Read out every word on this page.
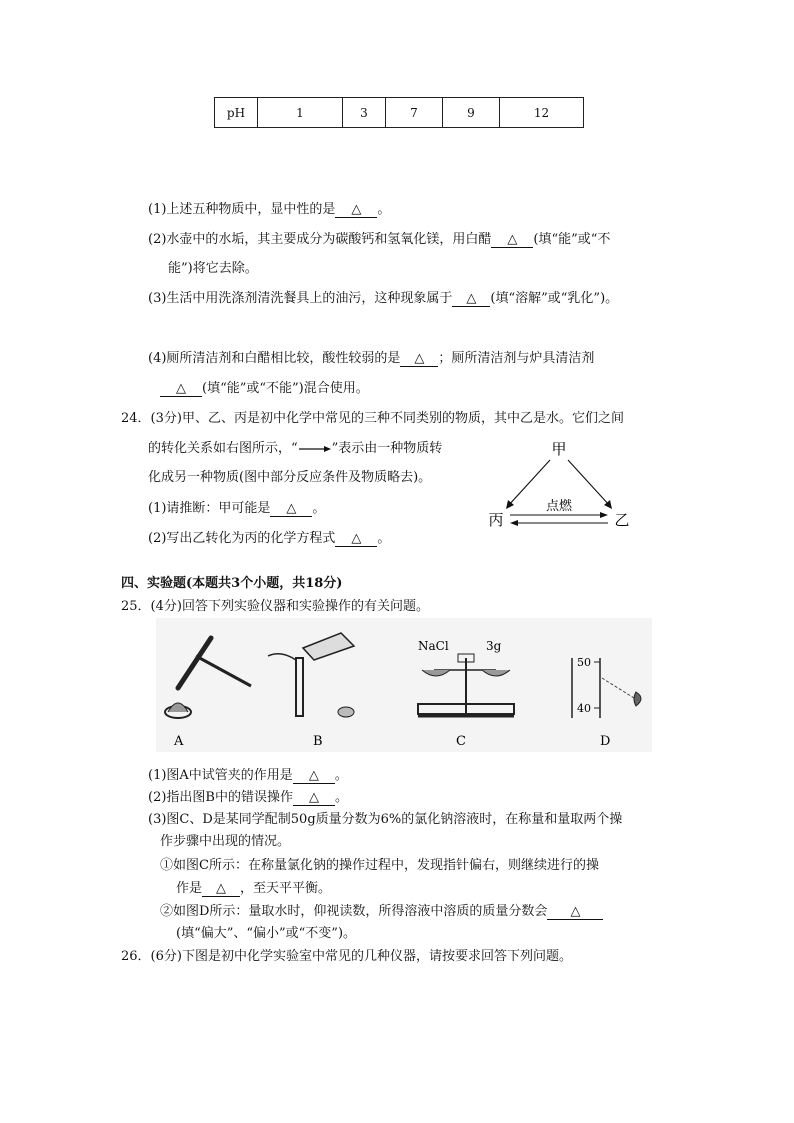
pH	1	3	7	9	12
(1)上述五种物质中，显中性的是 △ 。
(2)水壶中的水垢，其主要成分为碳酸钙和氢氧化镁，用白醋 △ (填“能”或“不
能”)将它去除。
(3)生活中用洗涤剂清洗餐具上的油污，这种现象属于 △ (填“溶解”或“乳化”)。
(4)厕所清洁剂和白醋相比较，酸性较弱的是 △ ；厕所清洁剂与炉具清洁剂
△ (填“能”或“不能”)混合使用。
24．(3分)甲、乙、丙是初中化学中常见的三种不同类别的物质，其中乙是水。它们之间
的转化关系如右图所示，“	”表示由一种物质转
化成另一种物质(图中部分反应条件及物质略去)。
(1)请推断：甲可能是 △ 。
(2)写出乙转化为丙的化学方程式 △ 。
甲
丙	乙
点燃
四、实验题(本题共3个小题，共18分)
25．(4分)回答下列实验仪器和实验操作的有关问题。
A	B
NaCl	3g
C
50
40
D
(1)图A中试管夹的作用是 △ 。
(2)指出图B中的错误操作 △ 。
(3)图C、D是某同学配制50g质量分数为6%的氯化钠溶液时，在称量和量取两个操
作步骤中出现的情况。
①如图C所示：在称量氯化钠的操作过程中，发现指针偏右，则继续进行的操
作是 △ ，至天平平衡。
②如图D所示：量取水时，仰视读数，所得溶液中溶质的质量分数会 △
(填“偏大”、“偏小”或“不变”)。
26．(6分)下图是初中化学实验室中常见的几种仪器，请按要求回答下列问题。
